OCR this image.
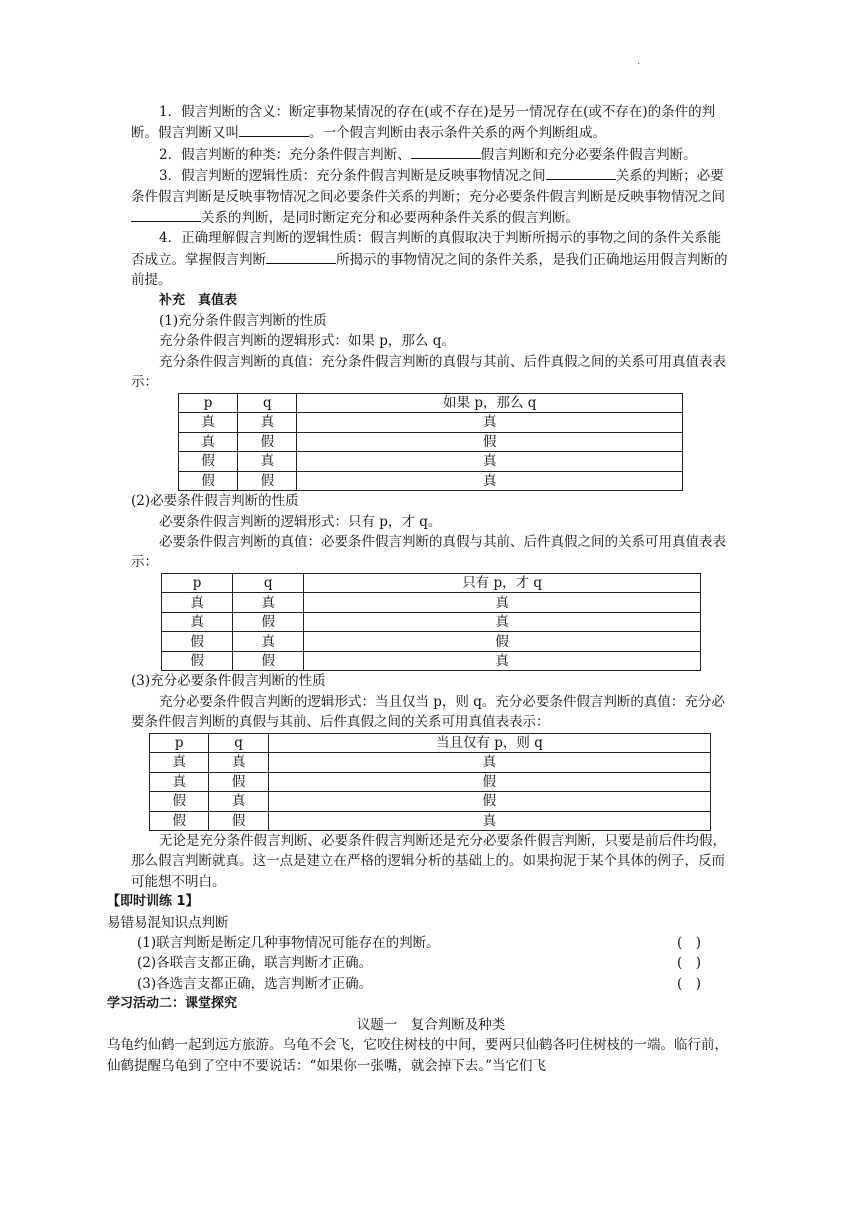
.

1．假言判断的含义：断定事物某情况的存在(或不存在)是另一情况存在(或不存在)的条件的判断。假言判断又叫	。一个假言判断由表示条件关系的两个判断组成。

2．假言判断的种类：充分条件假言判断、	假言判断和充分必要条件假言判断。

3．假言判断的逻辑性质：充分条件假言判断是反映事物情况之间	关系的判断；必要条件假言判断是反映事物情况之间必要条件关系的判断；充分必要条件假言判断是反映事物情况之间关系的判断，是同时断定充分和必要两种条件关系的假言判断。

4．正确理解假言判断的逻辑性质：假言判断的真假取决于判断所揭示的事物之间的条件关系能否成立。掌握假言判断	所揭示的事物情况之间的条件关系，是我们正确地运用假言判断的前提。

补充　真值表

(1)充分条件假言判断的性质

充分条件假言判断的逻辑形式：如果 p，那么 q。

充分条件假言判断的真值：充分条件假言判断的真假与其前、后件真假之间的关系可用真值表表示：

p	q	如果 p，那么 q
真	真	真
真	假	假
假	真	真
假	假	真

(2)必要条件假言判断的性质

必要条件假言判断的逻辑形式：只有 p，才 q。

必要条件假言判断的真值：必要条件假言判断的真假与其前、后件真假之间的关系可用真值表表示：

p	q	只有 p，才 q
真	真	真
真	假	真
假	真	假
假	假	真

(3)充分必要条件假言判断的性质

充分必要条件假言判断的逻辑形式：当且仅当 p，则 q。充分必要条件假言判断的真值：充分必要条件假言判断的真假与其前、后件真假之间的关系可用真值表表示：

p	q	当且仅有 p，则 q
真	真	真
真	假	假
假	真	假
假	假	真

无论是充分条件假言判断、必要条件假言判断还是充分必要条件假言判断，只要是前后件均假，那么假言判断就真。这一点是建立在严格的逻辑分析的基础上的。如果拘泥于某个具体的例子，反而可能想不明白。

【即时训练 1】

易错易混知识点判断

(1)联言判断是断定几种事物情况可能存在的判断。	(　)

(2)各联言支都正确，联言判断才正确。	(　)

(3)各选言支都正确，选言判断才正确。	(　)

学习活动二：课堂探究

议题一　复合判断及种类

乌龟约仙鹤一起到远方旅游。乌龟不会飞，它咬住树枝的中间，要两只仙鹤各叼住树枝的一端。临行前，仙鹤提醒乌龟到了空中不要说话：“如果你一张嘴，就会掉下去。”当它们飞
